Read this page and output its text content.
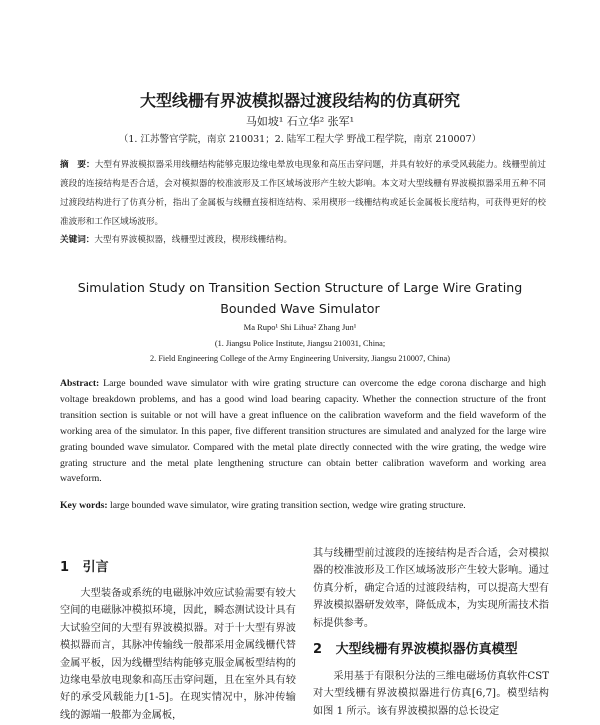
大型线栅有界波模拟器过渡段结构的仿真研究
马如坡¹ 石立华² 张军¹
（1. 江苏警官学院，南京 210031；2. 陆军工程大学 野战工程学院，南京 210007）
摘　要：大型有界波模拟器采用线栅结构能够克服边缘电晕放电现象和高压击穿问题，并具有较好的承受风载能力。线栅型前过渡段的连接结构是否合适，会对模拟器的校准波形及工作区域场波形产生较大影响。本文对大型线栅有界波模拟器采用五种不同过渡段结构进行了仿真分析，指出了金属板与线栅直接相连结构、采用楔形一线栅结构或延长金属板长度结构，可获得更好的校准波形和工作区域场波形。
关键词：大型有界波模拟器，线栅型过渡段，楔形线栅结构。
Simulation Study on Transition Section Structure of Large Wire Grating
Bounded Wave Simulator
Ma Rupo¹ Shi Lihua² Zhang Jun¹
(1. Jiangsu Police Institute, Jiangsu 210031, China;
2. Field Engineering College of the Army Engineering University, Jiangsu 210007, China)
Abstract: Large bounded wave simulator with wire grating structure can overcome the edge corona discharge and high voltage breakdown problems, and has a good wind load bearing capacity. Whether the connection structure of the front transition section is suitable or not will have a great influence on the calibration waveform and the field waveform of the working area of the simulator. In this paper, five different transition structures are simulated and analyzed for the large wire grating bounded wave simulator. Compared with the metal plate directly connected with the wire grating, the wedge wire grating structure and the metal plate lengthening structure can obtain better calibration waveform and working area waveform.
Key words: large bounded wave simulator, wire grating transition section, wedge wire grating structure.
1 引言
大型装备或系统的电磁脉冲效应试验需要有较大空间的电磁脉冲模拟环境，因此，瞬态测试设计具有大试验空间的大型有界波模拟器。对于十大型有界波模拟器而言，其脉冲传输线一般都采用金属线栅代替金属平板，因为线栅型结构能够克服金属板型结构的边缘电晕放电现象和高压击穿问题，且在室外具有较好的承受风载能力[1-5]。在现实情况中，脉冲传输线的源端一般都为金属板，
其与线栅型前过渡段的连接结构是否合适，会对模拟器的校准波形及工作区域场波形产生较大影响。通过仿真分析，确定合适的过渡段结构，可以提高大型有界波模拟器研发效率，降低成本，为实现所需技术指标提供参考。
2 大型线栅有界波模拟器仿真模型
采用基于有限积分法的三维电磁场仿真软件CST 对大型线栅有界波模拟器进行仿真[6,7]。模型结构如图 1 所示。该有界波模拟器的总长设定
